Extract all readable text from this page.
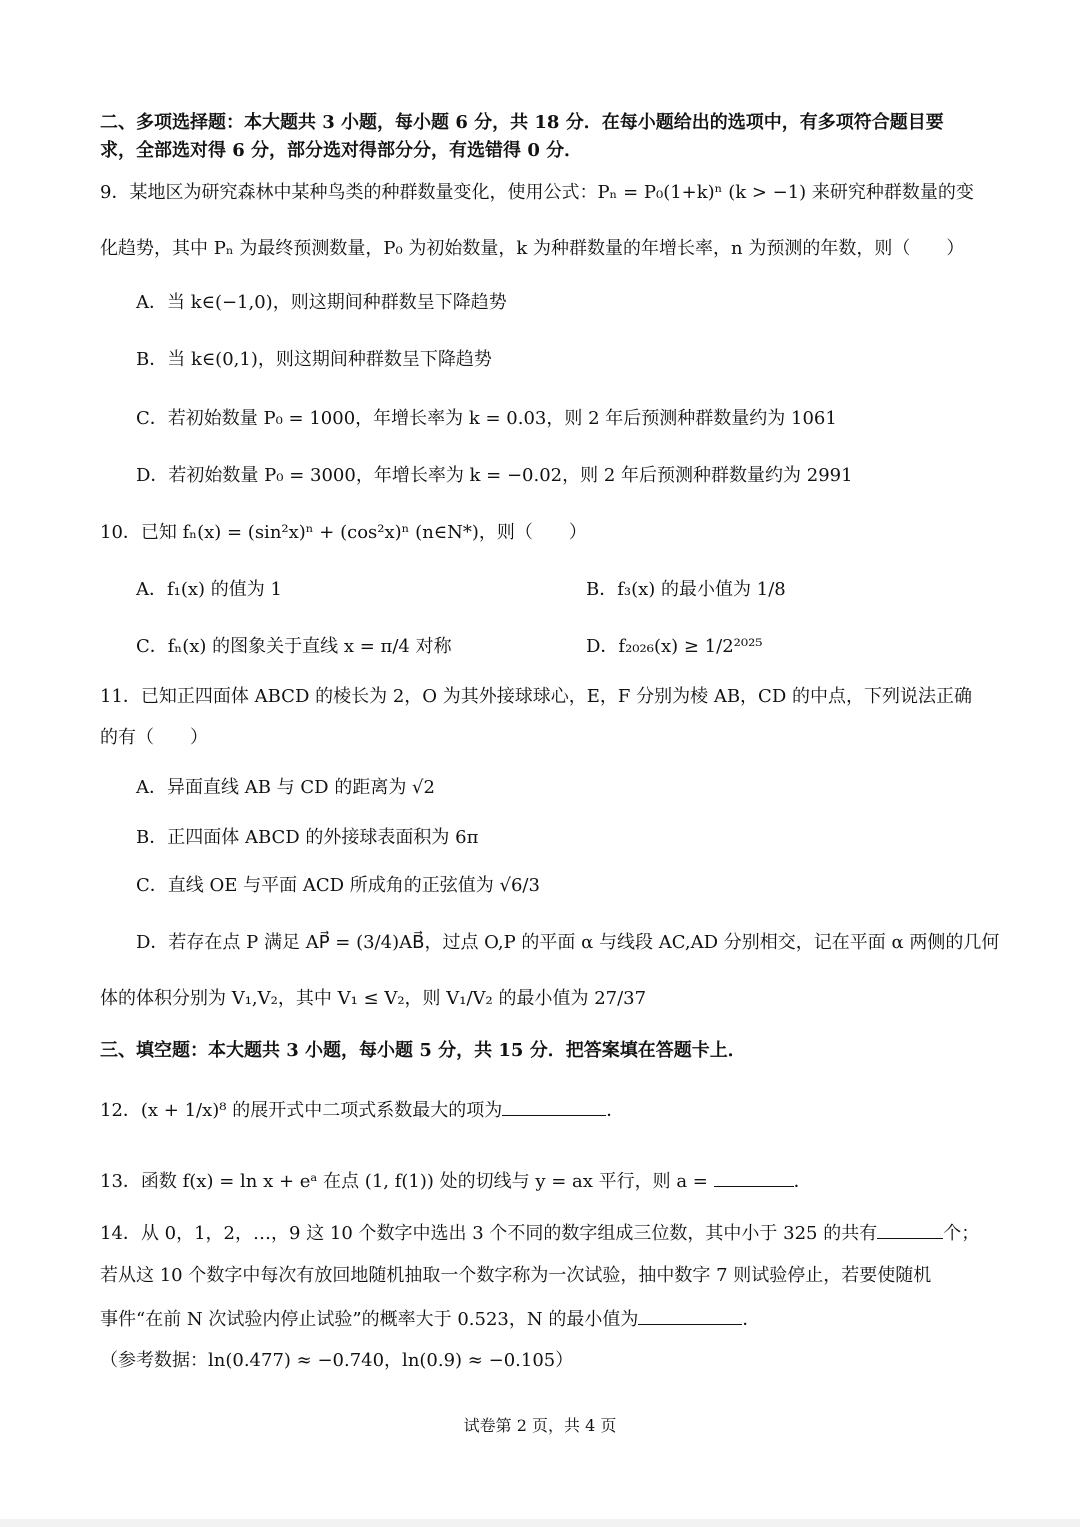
二、多项选择题：本大题共 3 小题，每小题 6 分，共 18 分．在每小题给出的选项中，有多项符合题目要
求，全部选对得 6 分，部分选对得部分分，有选错得 0 分．
9．某地区为研究森林中某种鸟类的种群数量变化，使用公式：Pₙ = P₀(1+k)ⁿ (k > −1) 来研究种群数量的变
化趋势，其中 Pₙ 为最终预测数量，P₀ 为初始数量，k 为种群数量的年增长率，n 为预测的年数，则（　　）
A．当 k∈(−1,0)，则这期间种群数呈下降趋势
B．当 k∈(0,1)，则这期间种群数呈下降趋势
C．若初始数量 P₀ = 1000，年增长率为 k = 0.03，则 2 年后预测种群数量约为 1061
D．若初始数量 P₀ = 3000，年增长率为 k = −0.02，则 2 年后预测种群数量约为 2991
10．已知 fₙ(x) = (sin²x)ⁿ + (cos²x)ⁿ (n∈N*)，则（　　）
A．f₁(x) 的值为 1	B．f₃(x) 的最小值为 1/8
C．fₙ(x) 的图象关于直线 x = π/4 对称	D．f₂₀₂₆(x) ≥ 1/2²⁰²⁵
11．已知正四面体 ABCD 的棱长为 2，O 为其外接球球心，E，F 分别为棱 AB，CD 的中点，下列说法正确
的有（　　）
A．异面直线 AB 与 CD 的距离为 √2
B．正四面体 ABCD 的外接球表面积为 6π
C．直线 OE 与平面 ACD 所成角的正弦值为 √6/3
D．若存在点 P 满足 AP⃗ = (3/4)AB⃗，过点 O,P 的平面 α 与线段 AC,AD 分别相交，记在平面 α 两侧的几何
体的体积分别为 V₁,V₂，其中 V₁ ≤ V₂，则 V₁/V₂ 的最小值为 27/37
三、填空题：本大题共 3 小题，每小题 5 分，共 15 分．把答案填在答题卡上．
12．(x + 1/x)⁸ 的展开式中二项式系数最大的项为	．
13．函数 f(x) = ln x + eᵃ 在点 (1, f(1)) 处的切线与 y = ax 平行，则 a =	．
14．从 0，1，2，…，9 这 10 个数字中选出 3 个不同的数字组成三位数，其中小于 325 的共有	个；
若从这 10 个数字中每次有放回地随机抽取一个数字称为一次试验，抽中数字 7 则试验停止，若要使随机
事件“在前 N 次试验内停止试验”的概率大于 0.523，N 的最小值为	．
（参考数据：ln(0.477) ≈ −0.740，ln(0.9) ≈ −0.105）
试卷第 2 页，共 4 页
